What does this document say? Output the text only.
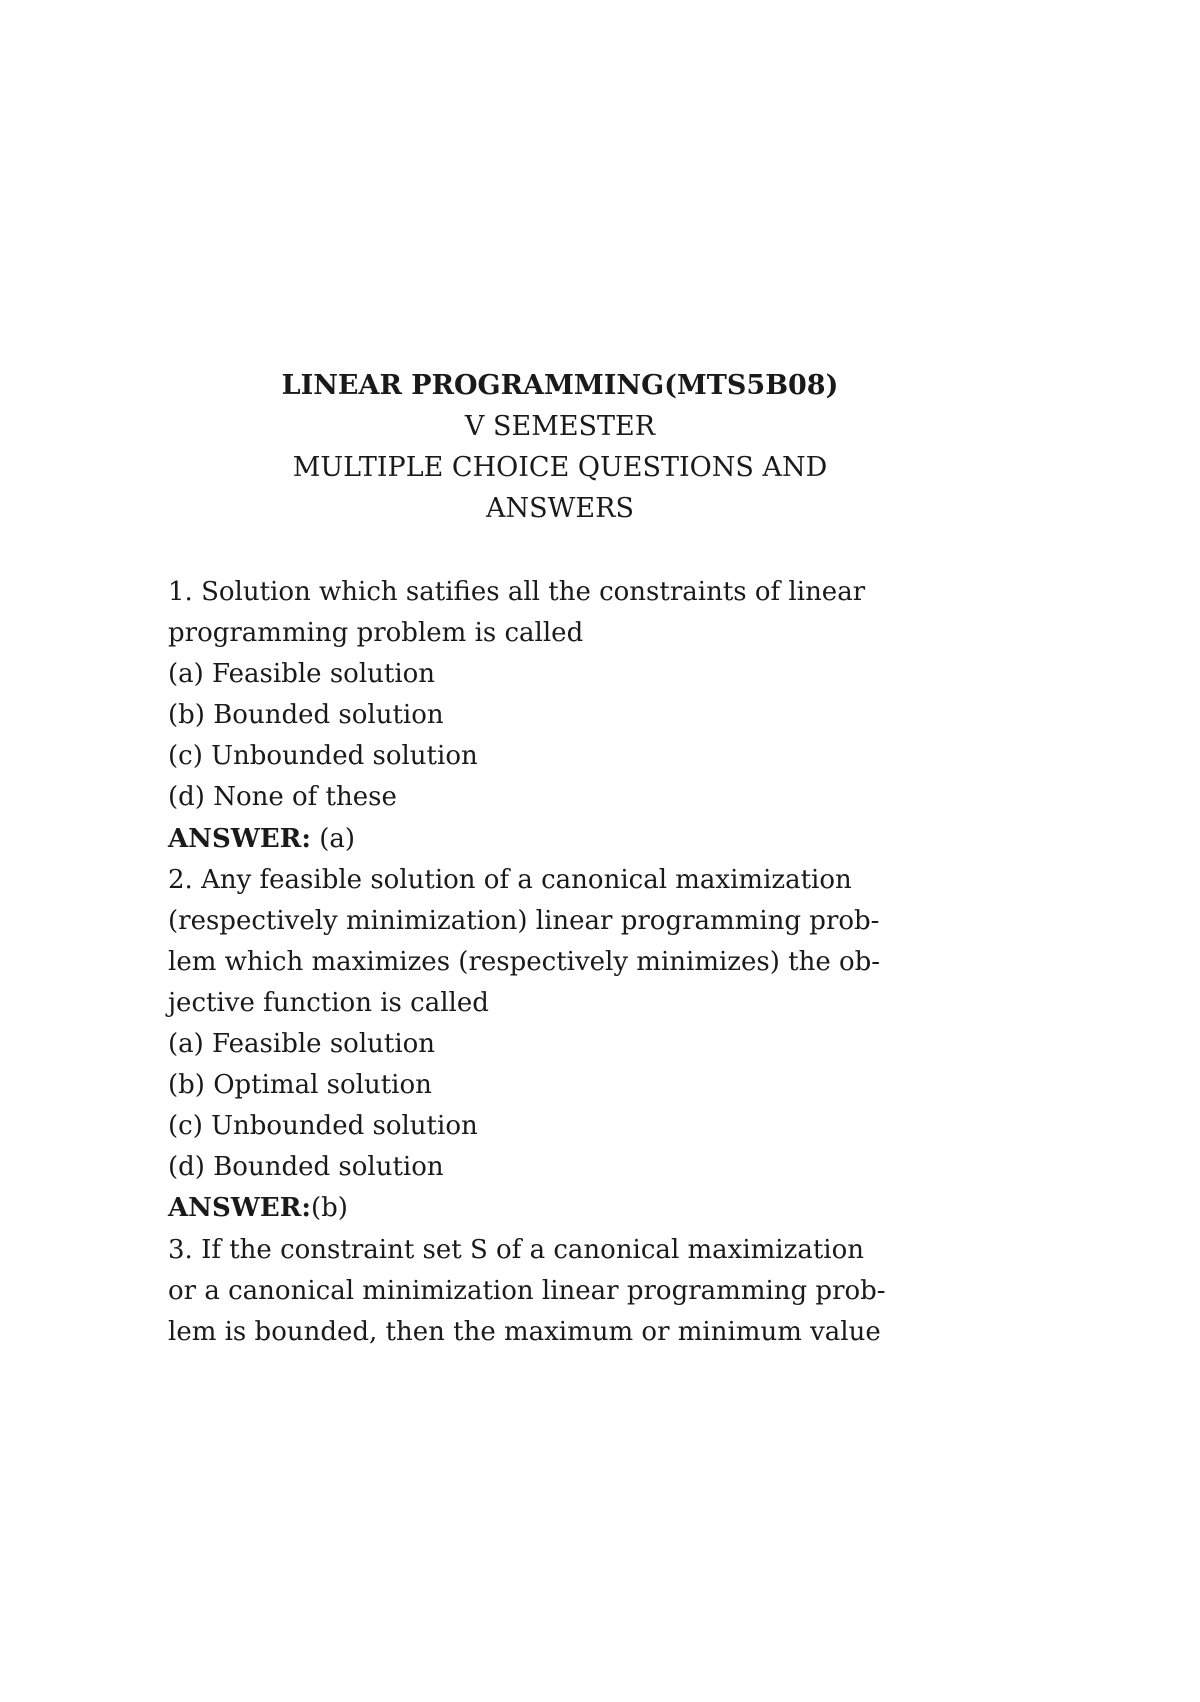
LINEAR PROGRAMMING(MTS5B08)
V SEMESTER
MULTIPLE CHOICE QUESTIONS AND
ANSWERS
1. Solution which satifies all the constraints of linear
programming problem is called
(a) Feasible solution
(b) Bounded solution
(c) Unbounded solution
(d) None of these
ANSWER: (a)
2. Any feasible solution of a canonical maximization
(respectively minimization) linear programming prob-
lem which maximizes (respectively minimizes) the ob-
jective function is called
(a) Feasible solution
(b) Optimal solution
(c) Unbounded solution
(d) Bounded solution
ANSWER:(b)
3. If the constraint set S of a canonical maximization
or a canonical minimization linear programming prob-
lem is bounded, then the maximum or minimum value
